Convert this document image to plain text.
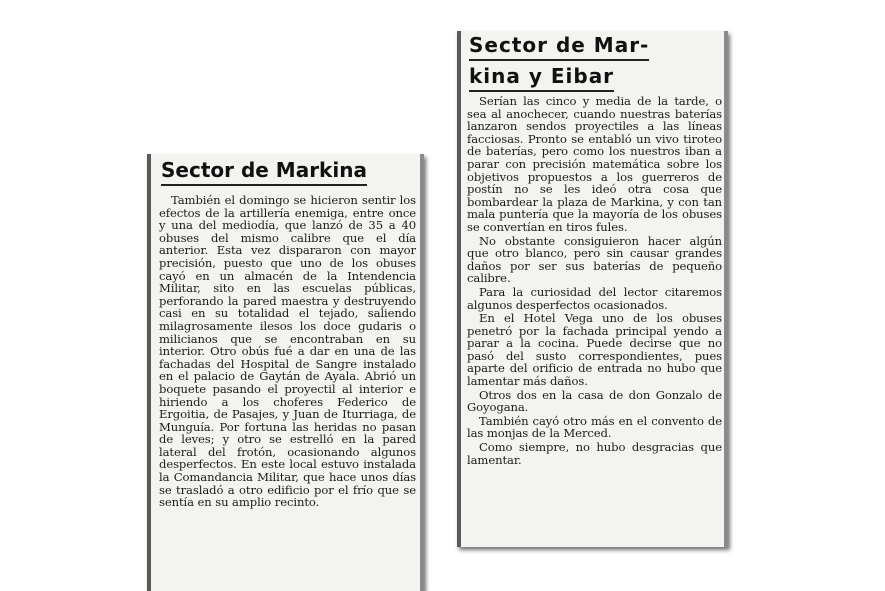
Sector de Markina

También el domingo se hicieron sentir los efectos de la artillería enemiga, entre once y una del mediodía, que lanzó de 35 a 40 obuses del mismo calibre que el día anterior. Esta vez dispararon con mayor precisión, puesto que uno de los obuses cayó en un almacén de la Intendencia Militar, sito en las escuelas públicas, perforando la pared maestra y destruyendo casi en su totalidad el tejado, saliendo milagrosamente ilesos los doce gudaris o milicianos que se encontraban en su interior. Otro obús fué a dar en una de las fachadas del Hospital de Sangre instalado en el palacio de Gaytán de Ayala. Abrió un boquete pasando el proyectil al interior e hiriendo a los choferes Federico de Ergoitia, de Pasajes, y Juan de Iturriaga, de Munguía. Por fortuna las heridas no pasan de leves; y otro se estrelló en la pared lateral del frotón, ocasionando algunos desperfectos. En este local estuvo instalada la Comandancia Militar, que hace unos días se trasladó a otro edificio por el frío que se sentía en su amplio recinto.

Sector de Mar-
kina y Eibar

Serían las cinco y media de la tarde, o sea al anochecer, cuando nuestras baterías lanzaron sendos proyectiles a las líneas facciosas. Pronto se entabló un vivo tiroteo de baterías, pero como los nuestros iban a parar con precisión matemática sobre los objetivos propuestos a los guerreros de postín no se les ideó otra cosa que bombardear la plaza de Markina, y con tan mala puntería que la mayoría de los obuses se convertían en tiros fules.

No obstante consiguieron hacer algún que otro blanco, pero sin causar grandes daños por ser sus baterías de pequeño calibre.

Para la curiosidad del lector citaremos algunos desperfectos ocasionados.

En el Hotel Vega uno de los obuses penetró por la fachada principal yendo a parar a la cocina. Puede decirse que no pasó del susto correspondientes, pues aparte del orificio de entrada no hubo que lamentar más daños.

Otros dos en la casa de don Gonzalo de Goyogana.

También cayó otro más en el convento de las monjas de la Merced.

Como siempre, no hubo desgracias que lamentar.
